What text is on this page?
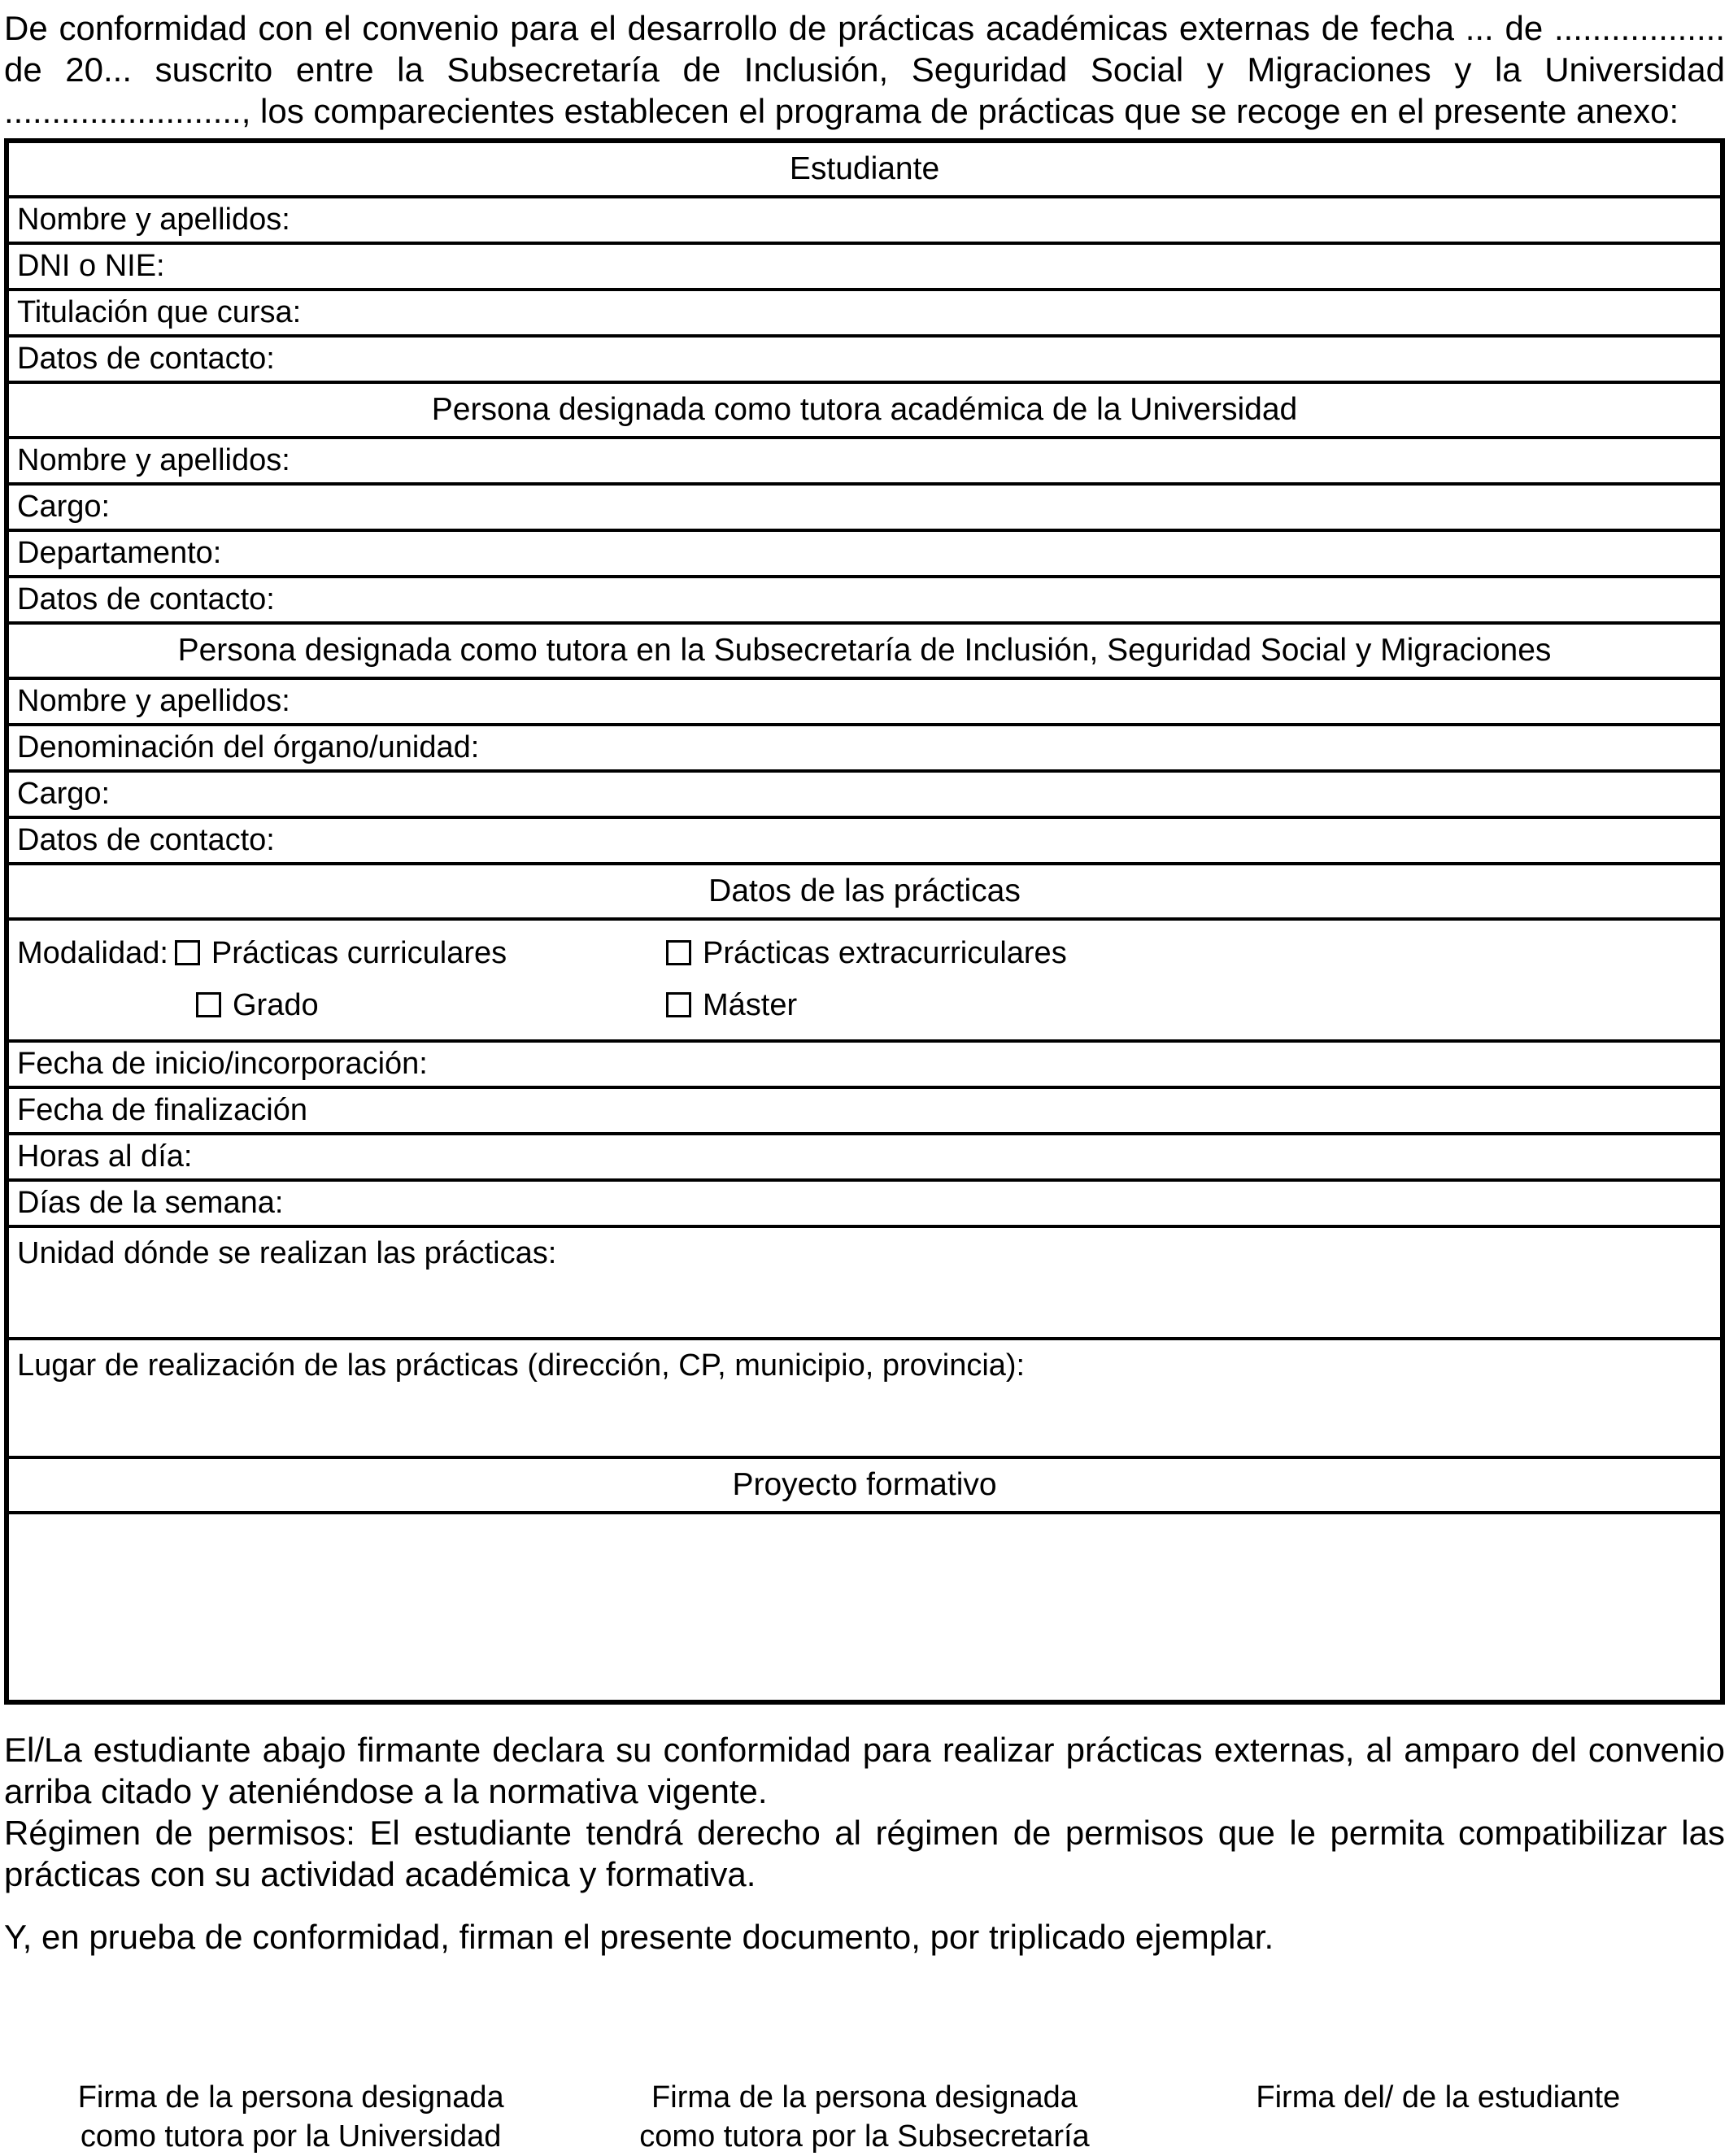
De conformidad con el convenio para el desarrollo de prácticas académicas externas de fecha ... de .................. de 20... suscrito entre la Subsecretaría de Inclusión, Seguridad Social y Migraciones y la Universidad ........................., los comparecientes establecen el programa de prácticas que se recoge en el presente anexo:

Estudiante
Nombre y apellidos:
DNI o NIE:
Titulación que cursa:
Datos de contacto:
Persona designada como tutora académica de la Universidad
Nombre y apellidos:
Cargo:
Departamento:
Datos de contacto:
Persona designada como tutora en la Subsecretaría de Inclusión, Seguridad Social y Migraciones
Nombre y apellidos:
Denominación del órgano/unidad:
Cargo:
Datos de contacto:
Datos de las prácticas

Modalidad: Prácticas curriculares	Prácticas extracurriculares
Grado	Máster

Fecha de inicio/incorporación:
Fecha de finalización
Horas al día:
Días de la semana:
Unidad dónde se realizan las prácticas:
Lugar de realización de las prácticas (dirección, CP, municipio, provincia):
Proyecto formativo

El/La estudiante abajo firmante declara su conformidad para realizar prácticas externas, al amparo del convenio arriba citado y ateniéndose a la normativa vigente.

Régimen de permisos: El estudiante tendrá derecho al régimen de permisos que le permita compatibilizar las prácticas con su actividad académica y formativa.

Y, en prueba de conformidad, firman el presente documento, por triplicado ejemplar.

Firma de la persona designada
como tutora por la Universidad
Firma de la persona designada
como tutora por la Subsecretaría
Firma del/ de la estudiante
